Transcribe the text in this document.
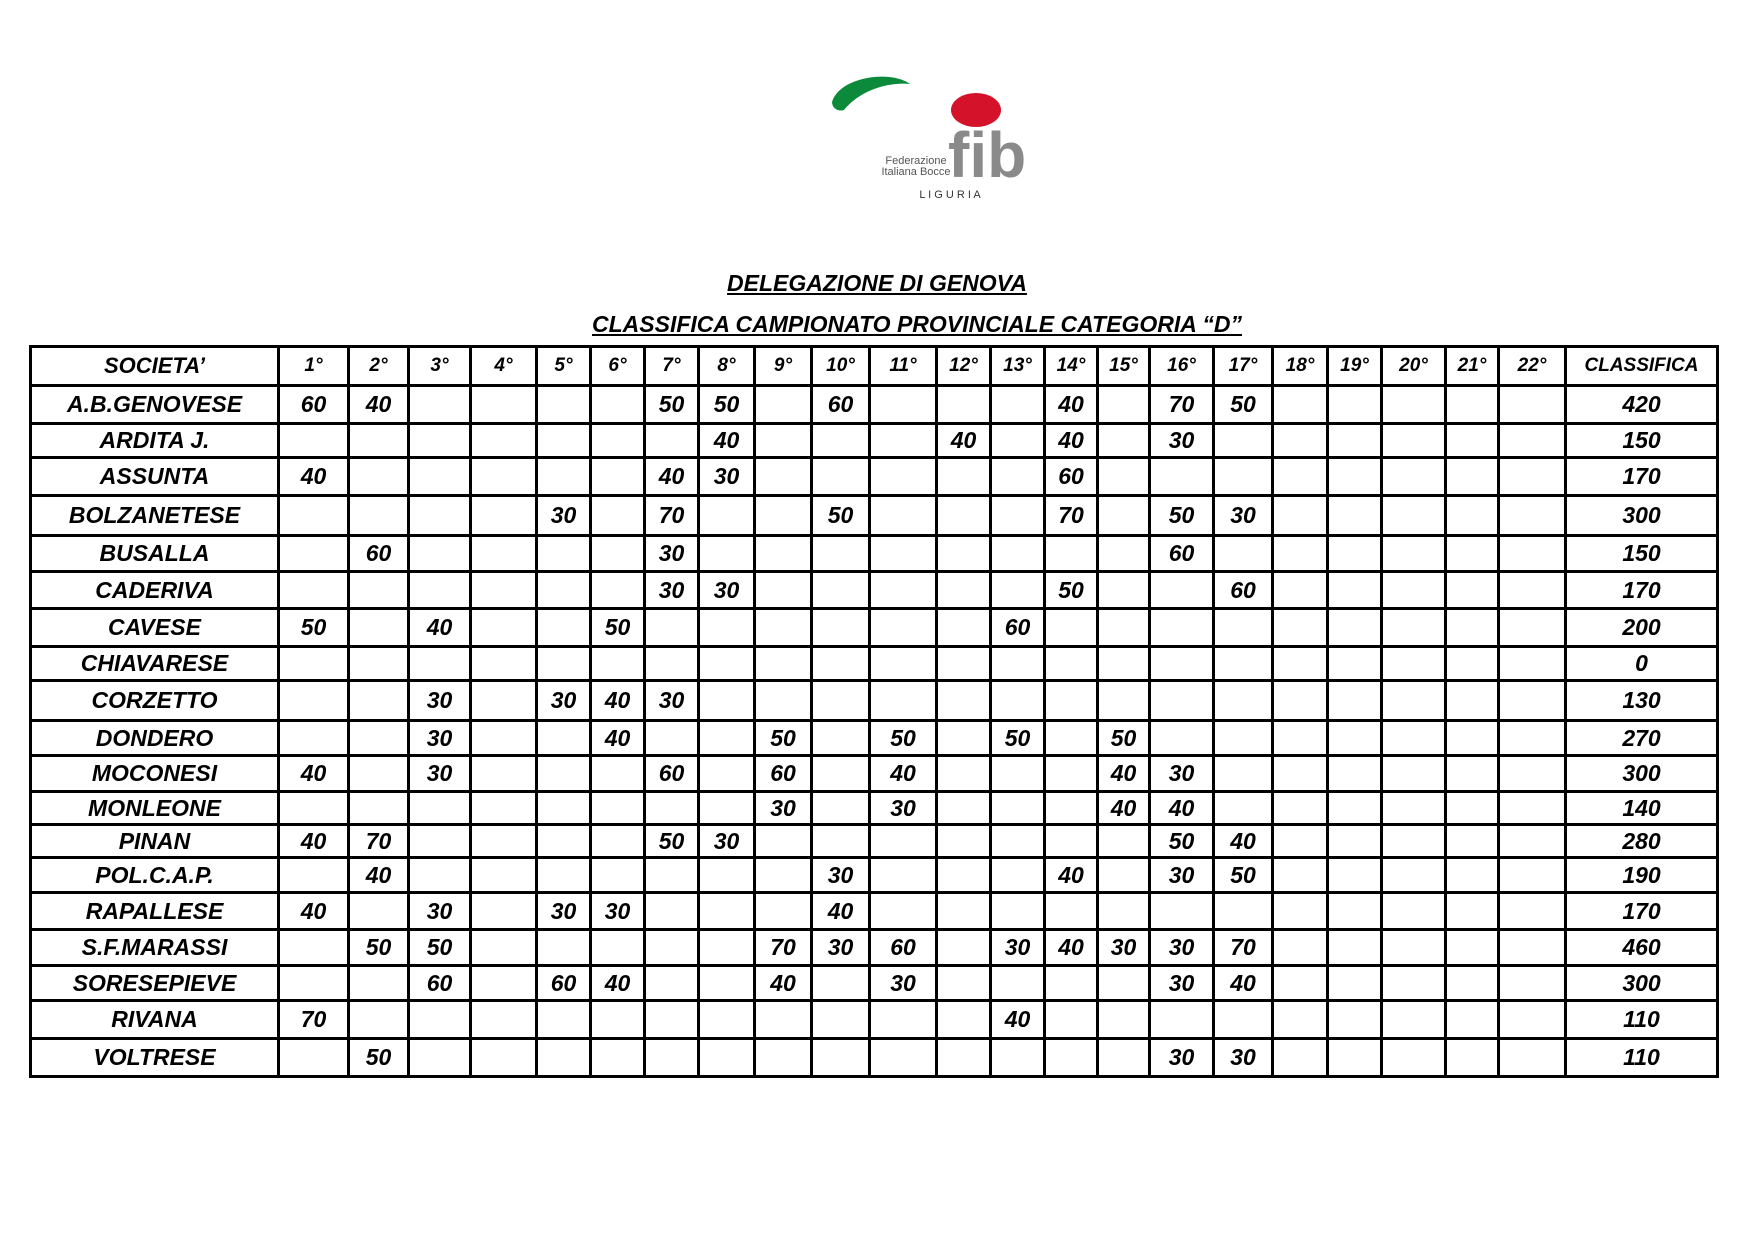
Federazione
Italiana Bocce
fib
L I G U R I A
DELEGAZIONE DI GENOVA
CLASSIFICA CAMPIONATO PROVINCIALE CATEGORIA “D”
SOCIETA’	1°	2°	3°	4°	5°	6°	7°	8°	9°	10°	11°	12°	13°	14°	15°	16°	17°	18°	19°	20°	21°	22°	CLASSIFICA
A.B.GENOVESE	60	40					50	50		60				40		70	50						420
ARDITA J.								40				40		40		30							150
ASSUNTA	40						40	30						60									170
BOLZANETESE					30		70			50				70		50	30						300
BUSALLA		60					30									60							150
CADERIVA							30	30						50			60						170
CAVESE	50		40			50							60										200
CHIAVARESE																							0
CORZETTO			30		30	40	30																130
DONDERO			30			40			50		50		50		50								270
MOCONESI	40		30				60		60		40				40	30							300
MONLEONE									30		30				40	40							140
PINAN	40	70					50	30								50	40						280
POL.C.A.P.		40								30				40		30	50						190
RAPALLESE	40		30		30	30				40													170
S.F.MARASSI		50	50						70	30	60		30	40	30	30	70						460
SORESEPIEVE			60		60	40			40		30					30	40						300
RIVANA	70												40										110
VOLTRESE		50														30	30						110
